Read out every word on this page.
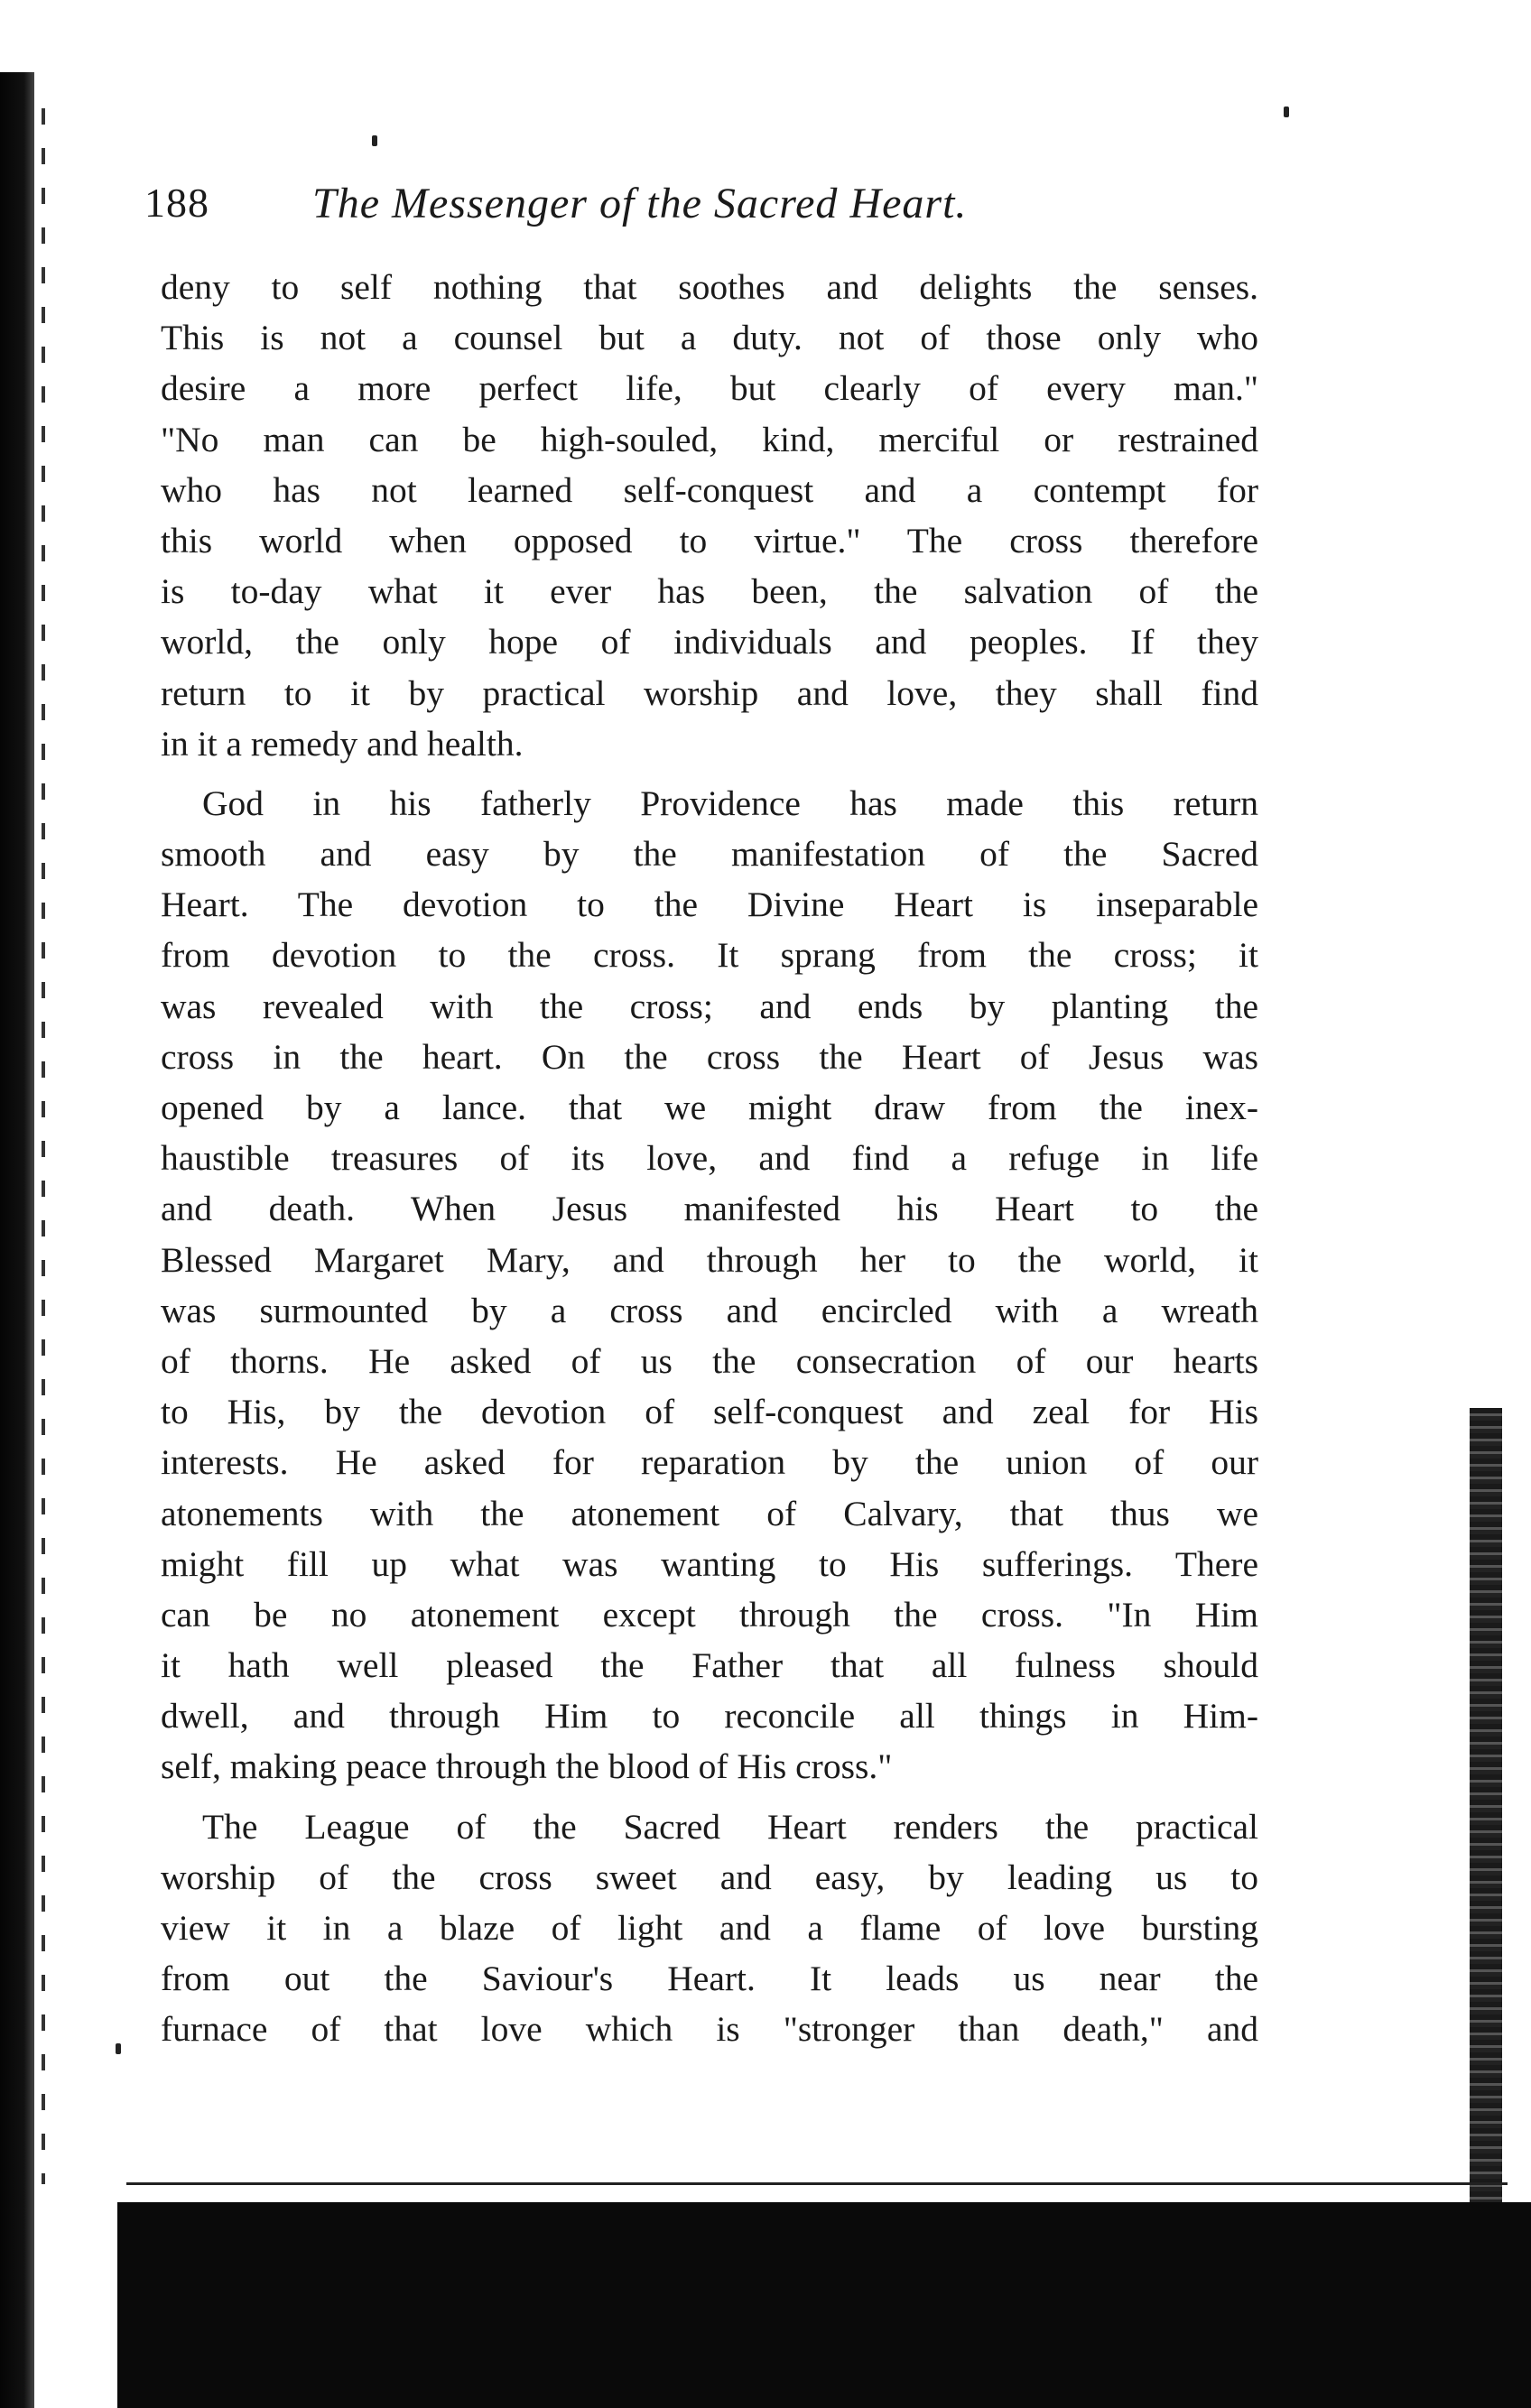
188 The Messenger of the Sacred Heart.
deny to self nothing that soothes and delights the senses.
This is not a counsel but a duty. not of those only who
desire a more perfect life, but clearly of every man."
"No man can be high-souled, kind, merciful or restrained
who has not learned self-conquest and a contempt for
this world when opposed to virtue." The cross therefore
is to-day what it ever has been, the salvation of the
world, the only hope of individuals and peoples. If they
return to it by practical worship and love, they shall find
in it a remedy and health.
God in his fatherly Providence has made this return
smooth and easy by the manifestation of the Sacred
Heart. The devotion to the Divine Heart is inseparable
from devotion to the cross. It sprang from the cross; it
was revealed with the cross; and ends by planting the
cross in the heart. On the cross the Heart of Jesus was
opened by a lance. that we might draw from the inex-
haustible treasures of its love, and find a refuge in life
and death. When Jesus manifested his Heart to the
Blessed Margaret Mary, and through her to the world, it
was surmounted by a cross and encircled with a wreath
of thorns. He asked of us the consecration of our hearts
to His, by the devotion of self-conquest and zeal for His
interests. He asked for reparation by the union of our
atonements with the atonement of Calvary, that thus we
might fill up what was wanting to His sufferings. There
can be no atonement except through the cross. "In Him
it hath well pleased the Father that all fulness should
dwell, and through Him to reconcile all things in Him-
self, making peace through the blood of His cross."
The League of the Sacred Heart renders the practical
worship of the cross sweet and easy, by leading us to
view it in a blaze of light and a flame of love bursting
from out the Saviour's Heart. It leads us near the
furnace of that love which is "stronger than death," and
